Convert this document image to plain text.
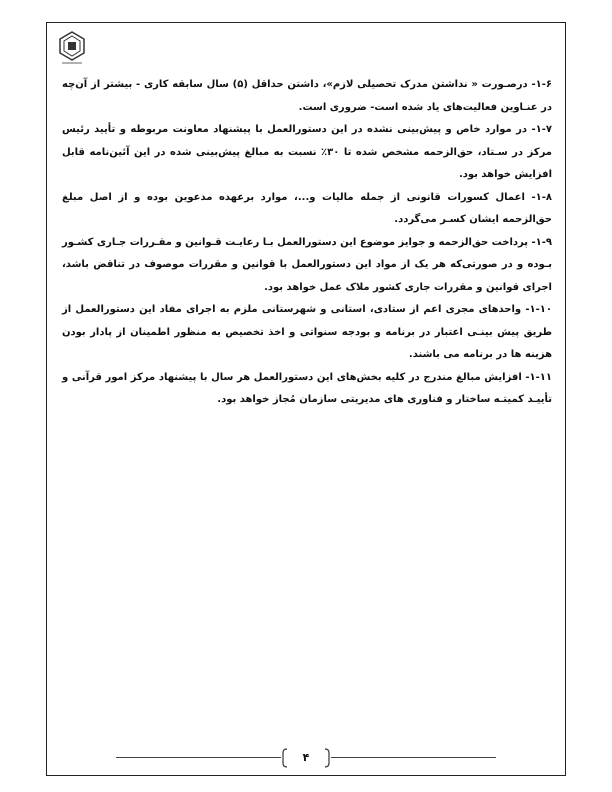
۱-۶- درصـورت « نداشتن مدرک تحصیلی لازم»، داشتن حداقل (۵) سال سابقه کاری - بیشتر از آن‌چه در عنـاوین فعالیت‌های یاد شده است- ضروری است.

۱-۷- در موارد خاص و پیش‌بینی نشده در این دستورالعمل با پیشنهاد معاونت مربوطه و تأیید رئیس مرکز در سـتاد، حق‌الزحمه مشخص شده تا ۳۰٪ نسبت به مبالغ پیش‌بینی شده در این آئین‌نامه قابل افزایش خواهد بود.

۱-۸- اعمال کسورات قانونی از جمله مالیات و...، موارد برعهده مدعوین بوده و از اصل مبلغ حق‌الزحمه ایشان کسـر می‌گردد.

۱-۹- پرداخت حق‌الزحمه و جوایز موضوع این دستورالعمل بـا رعایـت قـوانین و مقـررات جـاری کشـور بـوده و در صورتی‌که هر یک از مواد این دستورالعمل با قوانین و مقررات موصوف در تناقض باشد، اجرای قوانین و مقررات جاری کشور ملاک عمل خواهد بود.

۱-۱۰- واحدهای مجری اعم از ستادی، استانی و شهرستانی ملزم به اجرای مفاد این دستورالعمل از طریق پیش بینـی اعتبار در برنامه و بودجه سنواتی و اخذ تخصیص به منظور اطمینان از پادار بودن هزینه ها در برنامه می باشند.

۱-۱۱- افزایش مبالغ مندرج در کلیه بخش‌های این دستورالعمل هر سال با پیشنهاد مرکز امور قرآنی و تأییـد کمیتـه ساختار و فناوری های مدیریتی سازمان مُجاز خواهد بود.

۴
